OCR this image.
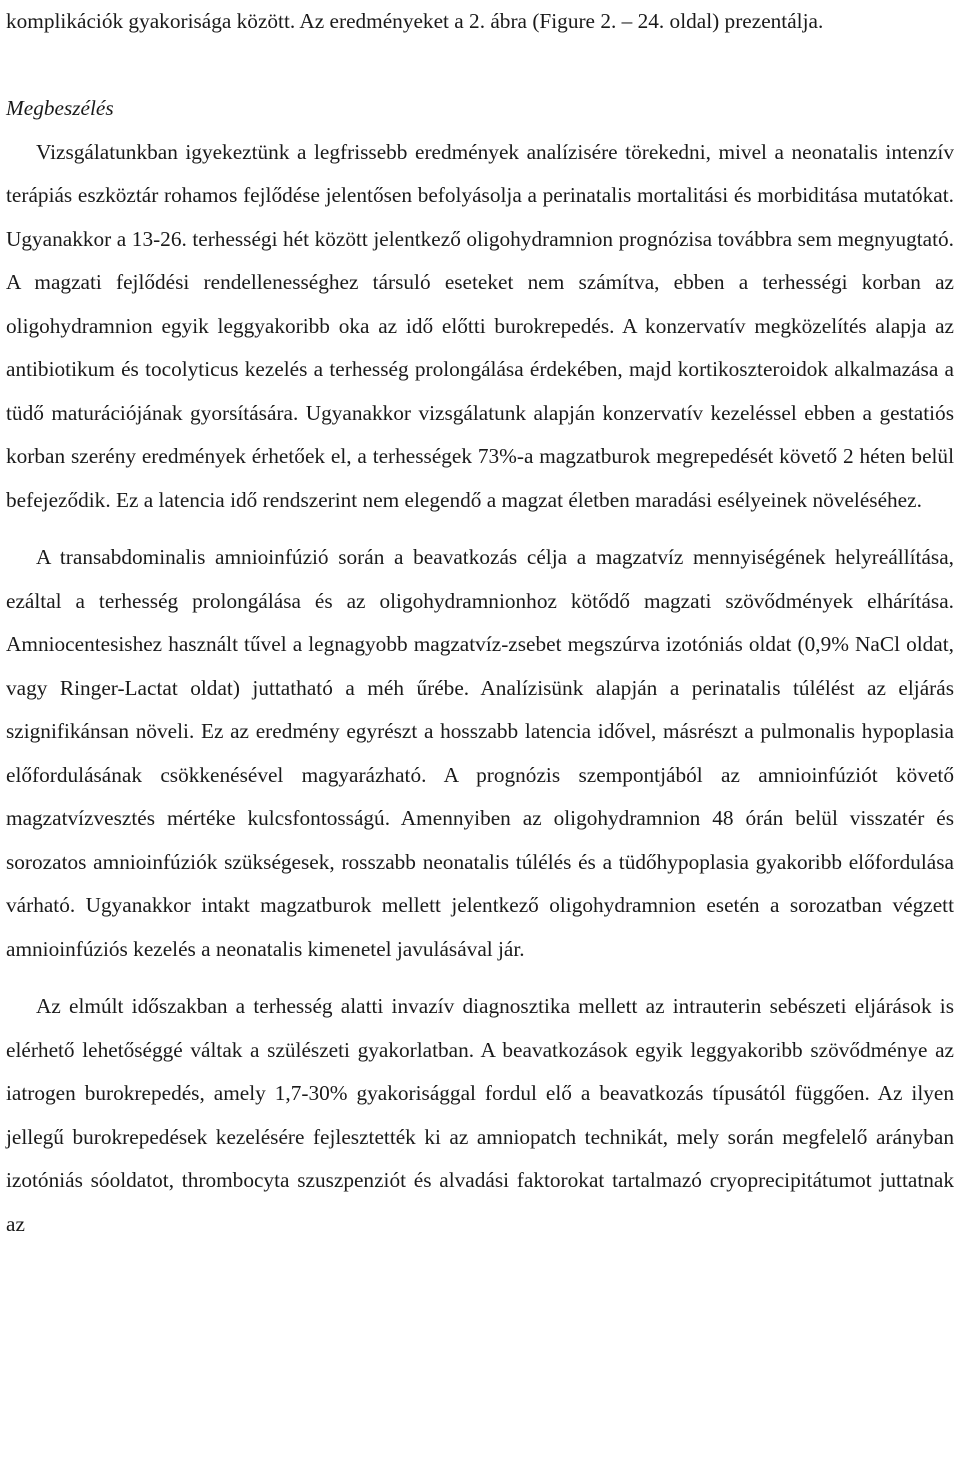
komplikációk gyakorisága között. Az eredményeket a 2. ábra (Figure 2. – 24. oldal) prezentálja.

Megbeszélés

Vizsgálatunkban igyekeztünk a legfrissebb eredmények analízisére törekedni, mivel a neonatalis intenzív terápiás eszköztár rohamos fejlődése jelentősen befolyásolja a perinatalis mortalitási és morbiditása mutatókat. Ugyanakkor a 13-26. terhességi hét között jelentkező oligohydramnion prognózisa továbbra sem megnyugtató. A magzati fejlődési rendellenességhez társuló eseteket nem számítva, ebben a terhességi korban az oligohydramnion egyik leggyakoribb oka az idő előtti burokrepedés. A konzervatív megközelítés alapja az antibiotikum és tocolyticus kezelés a terhesség prolongálása érdekében, majd kortikoszteroidok alkalmazása a tüdő maturációjának gyorsítására. Ugyanakkor vizsgálatunk alapján konzervatív kezeléssel ebben a gestatiós korban szerény eredmények érhetőek el, a terhességek 73%-a magzatburok megrepedését követő 2 héten belül befejeződik. Ez a latencia idő rendszerint nem elegendő a magzat életben maradási esélyeinek növeléséhez.

A transabdominalis amnioinfúzió során a beavatkozás célja a magzatvíz mennyiségének helyreállítása, ezáltal a terhesség prolongálása és az oligohydramnionhoz kötődő magzati szövődmények elhárítása. Amniocentesishez használt tűvel a legnagyobb magzatvíz-zsebet megszúrva izotóniás oldat (0,9% NaCl oldat, vagy Ringer-Lactat oldat) juttatható a méh űrébe. Analízisünk alapján a perinatalis túlélést az eljárás szignifikánsan növeli. Ez az eredmény egyrészt a hosszabb latencia idővel, másrészt a pulmonalis hypoplasia előfordulásának csökkenésével magyarázható. A prognózis szempontjából az amnioinfúziót követő magzatvízvesztés mértéke kulcsfontosságú. Amennyiben az oligohydramnion 48 órán belül visszatér és sorozatos amnioinfúziók szükségesek, rosszabb neonatalis túlélés és a tüdőhypoplasia gyakoribb előfordulása várható. Ugyanakkor intakt magzatburok mellett jelentkező oligohydramnion esetén a sorozatban végzett amnioinfúziós kezelés a neonatalis kimenetel javulásával jár.

Az elmúlt időszakban a terhesség alatti invazív diagnosztika mellett az intrauterin sebészeti eljárások is elérhető lehetőséggé váltak a szülészeti gyakorlatban. A beavatkozások egyik leggyakoribb szövődménye az iatrogen burokrepedés, amely 1,7-30% gyakorisággal fordul elő a beavatkozás típusától függően. Az ilyen jellegű burokrepedések kezelésére fejlesztették ki az amniopatch technikát, mely során megfelelő arányban izotóniás sóoldatot, thrombocyta szuszpenziót és alvadási faktorokat tartalmazó cryoprecipitátumot juttatnak az
